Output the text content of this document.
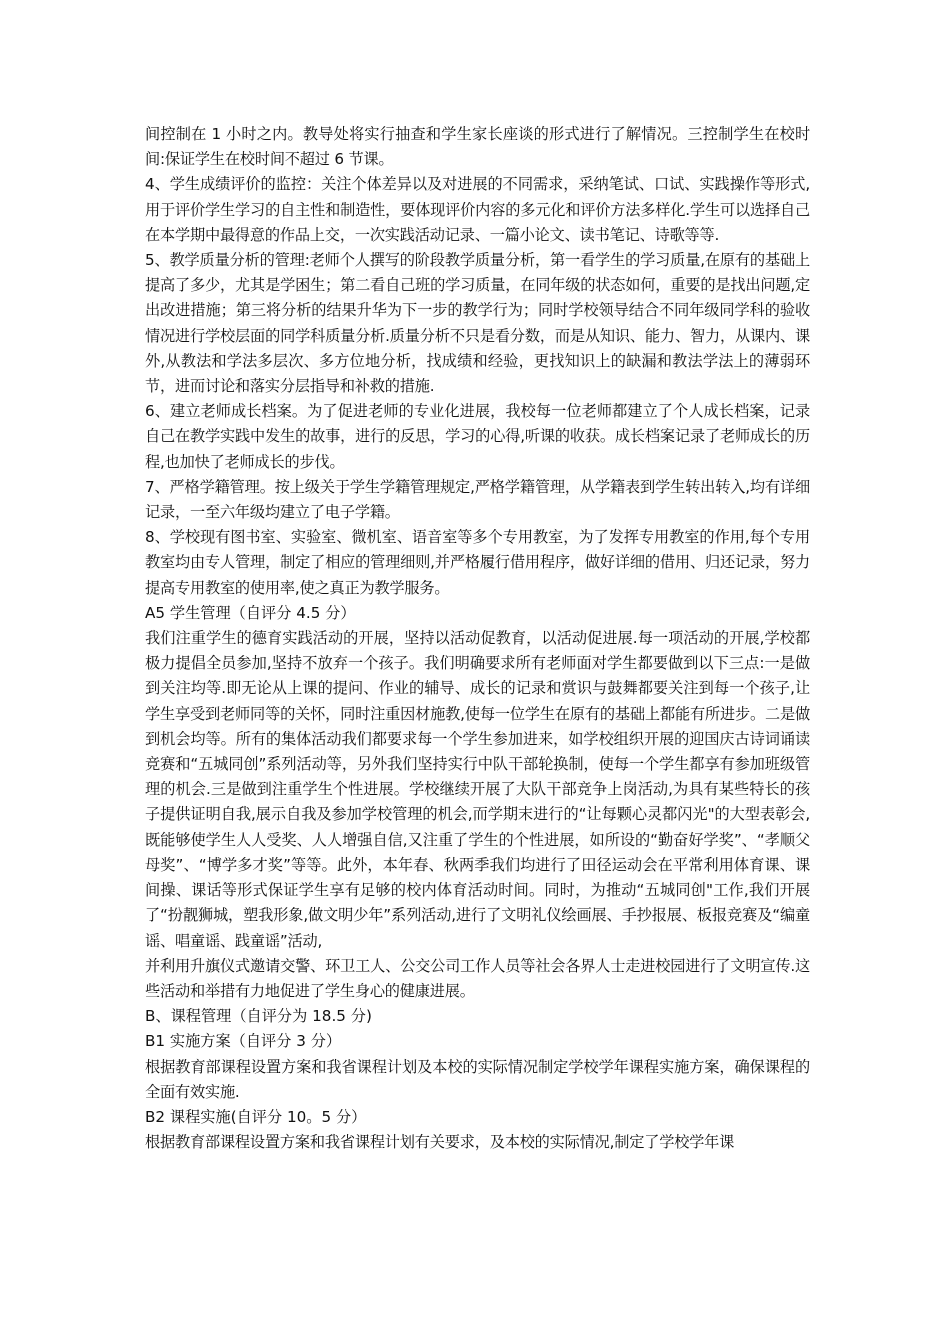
间控制在 1 小时之内。教导处将实行抽查和学生家长座谈的形式进行了解情况。三控制学生在校时间:保证学生在校时间不超过 6 节课。

4、学生成绩评价的监控：关注个体差异以及对进展的不同需求，采纳笔试、口试、实践操作等形式,用于评价学生学习的自主性和制造性，要体现评价内容的多元化和评价方法多样化.学生可以选择自己在本学期中最得意的作品上交，一次实践活动记录、一篇小论文、读书笔记、诗歌等等.

5、教学质量分析的管理:老师个人撰写的阶段教学质量分析，第一看学生的学习质量,在原有的基础上提高了多少，尤其是学困生；第二看自己班的学习质量，在同年级的状态如何，重要的是找出问题,定出改进措施；第三将分析的结果升华为下一步的教学行为；同时学校领导结合不同年级同学科的验收情况进行学校层面的同学科质量分析.质量分析不只是看分数，而是从知识、能力、智力，从课内、课外,从教法和学法多层次、多方位地分析，找成绩和经验，更找知识上的缺漏和教法学法上的薄弱环节，进而讨论和落实分层指导和补救的措施.

6、建立老师成长档案。为了促进老师的专业化进展，我校每一位老师都建立了个人成长档案，记录自己在教学实践中发生的故事，进行的反思，学习的心得,听课的收获。成长档案记录了老师成长的历程,也加快了老师成长的步伐。

7、严格学籍管理。按上级关于学生学籍管理规定,严格学籍管理，从学籍表到学生转出转入,均有详细记录，一至六年级均建立了电子学籍。

8、学校现有图书室、实验室、微机室、语音室等多个专用教室，为了发挥专用教室的作用,每个专用教室均由专人管理，制定了相应的管理细则,并严格履行借用程序，做好详细的借用、归还记录，努力提高专用教室的使用率,使之真正为教学服务。

A5 学生管理（自评分 4.5 分）

我们注重学生的德育实践活动的开展，坚持以活动促教育，以活动促进展.每一项活动的开展,学校都极力提倡全员参加,坚持不放弃一个孩子。我们明确要求所有老师面对学生都要做到以下三点:一是做到关注均等.即无论从上课的提问、作业的辅导、成长的记录和赏识与鼓舞都要关注到每一个孩子,让学生享受到老师同等的关怀，同时注重因材施教,使每一位学生在原有的基础上都能有所进步。二是做到机会均等。所有的集体活动我们都要求每一个学生参加进来，如学校组织开展的迎国庆古诗词诵读竞赛和“五城同创”系列活动等，另外我们坚持实行中队干部轮换制，使每一个学生都享有参加班级管理的机会.三是做到注重学生个性进展。学校继续开展了大队干部竞争上岗活动,为具有某些特长的孩子提供证明自我,展示自我及参加学校管理的机会,而学期末进行的“让每颗心灵都闪光"的大型表彰会,既能够使学生人人受奖、人人增强自信,又注重了学生的个性进展，如所设的“勤奋好学奖”、“孝顺父母奖”、“博学多才奖”等等。此外，本年春、秋两季我们均进行了田径运动会在平常利用体育课、课间操、课话等形式保证学生享有足够的校内体育活动时间。同时，为推动“五城同创"工作,我们开展了“扮靓狮城，塑我形象,做文明少年”系列活动,进行了文明礼仪绘画展、手抄报展、板报竞赛及“编童谣、唱童谣、践童谣”活动,

并利用升旗仪式邀请交警、环卫工人、公交公司工作人员等社会各界人士走进校园进行了文明宣传.这些活动和举措有力地促进了学生身心的健康进展。

B、课程管理（自评分为 18.5 分)

B1 实施方案（自评分 3 分）

根据教育部课程设置方案和我省课程计划及本校的实际情况制定学校学年课程实施方案，确保课程的全面有效实施.

B2 课程实施(自评分 10。5 分）

根据教育部课程设置方案和我省课程计划有关要求，及本校的实际情况,制定了学校学年课
